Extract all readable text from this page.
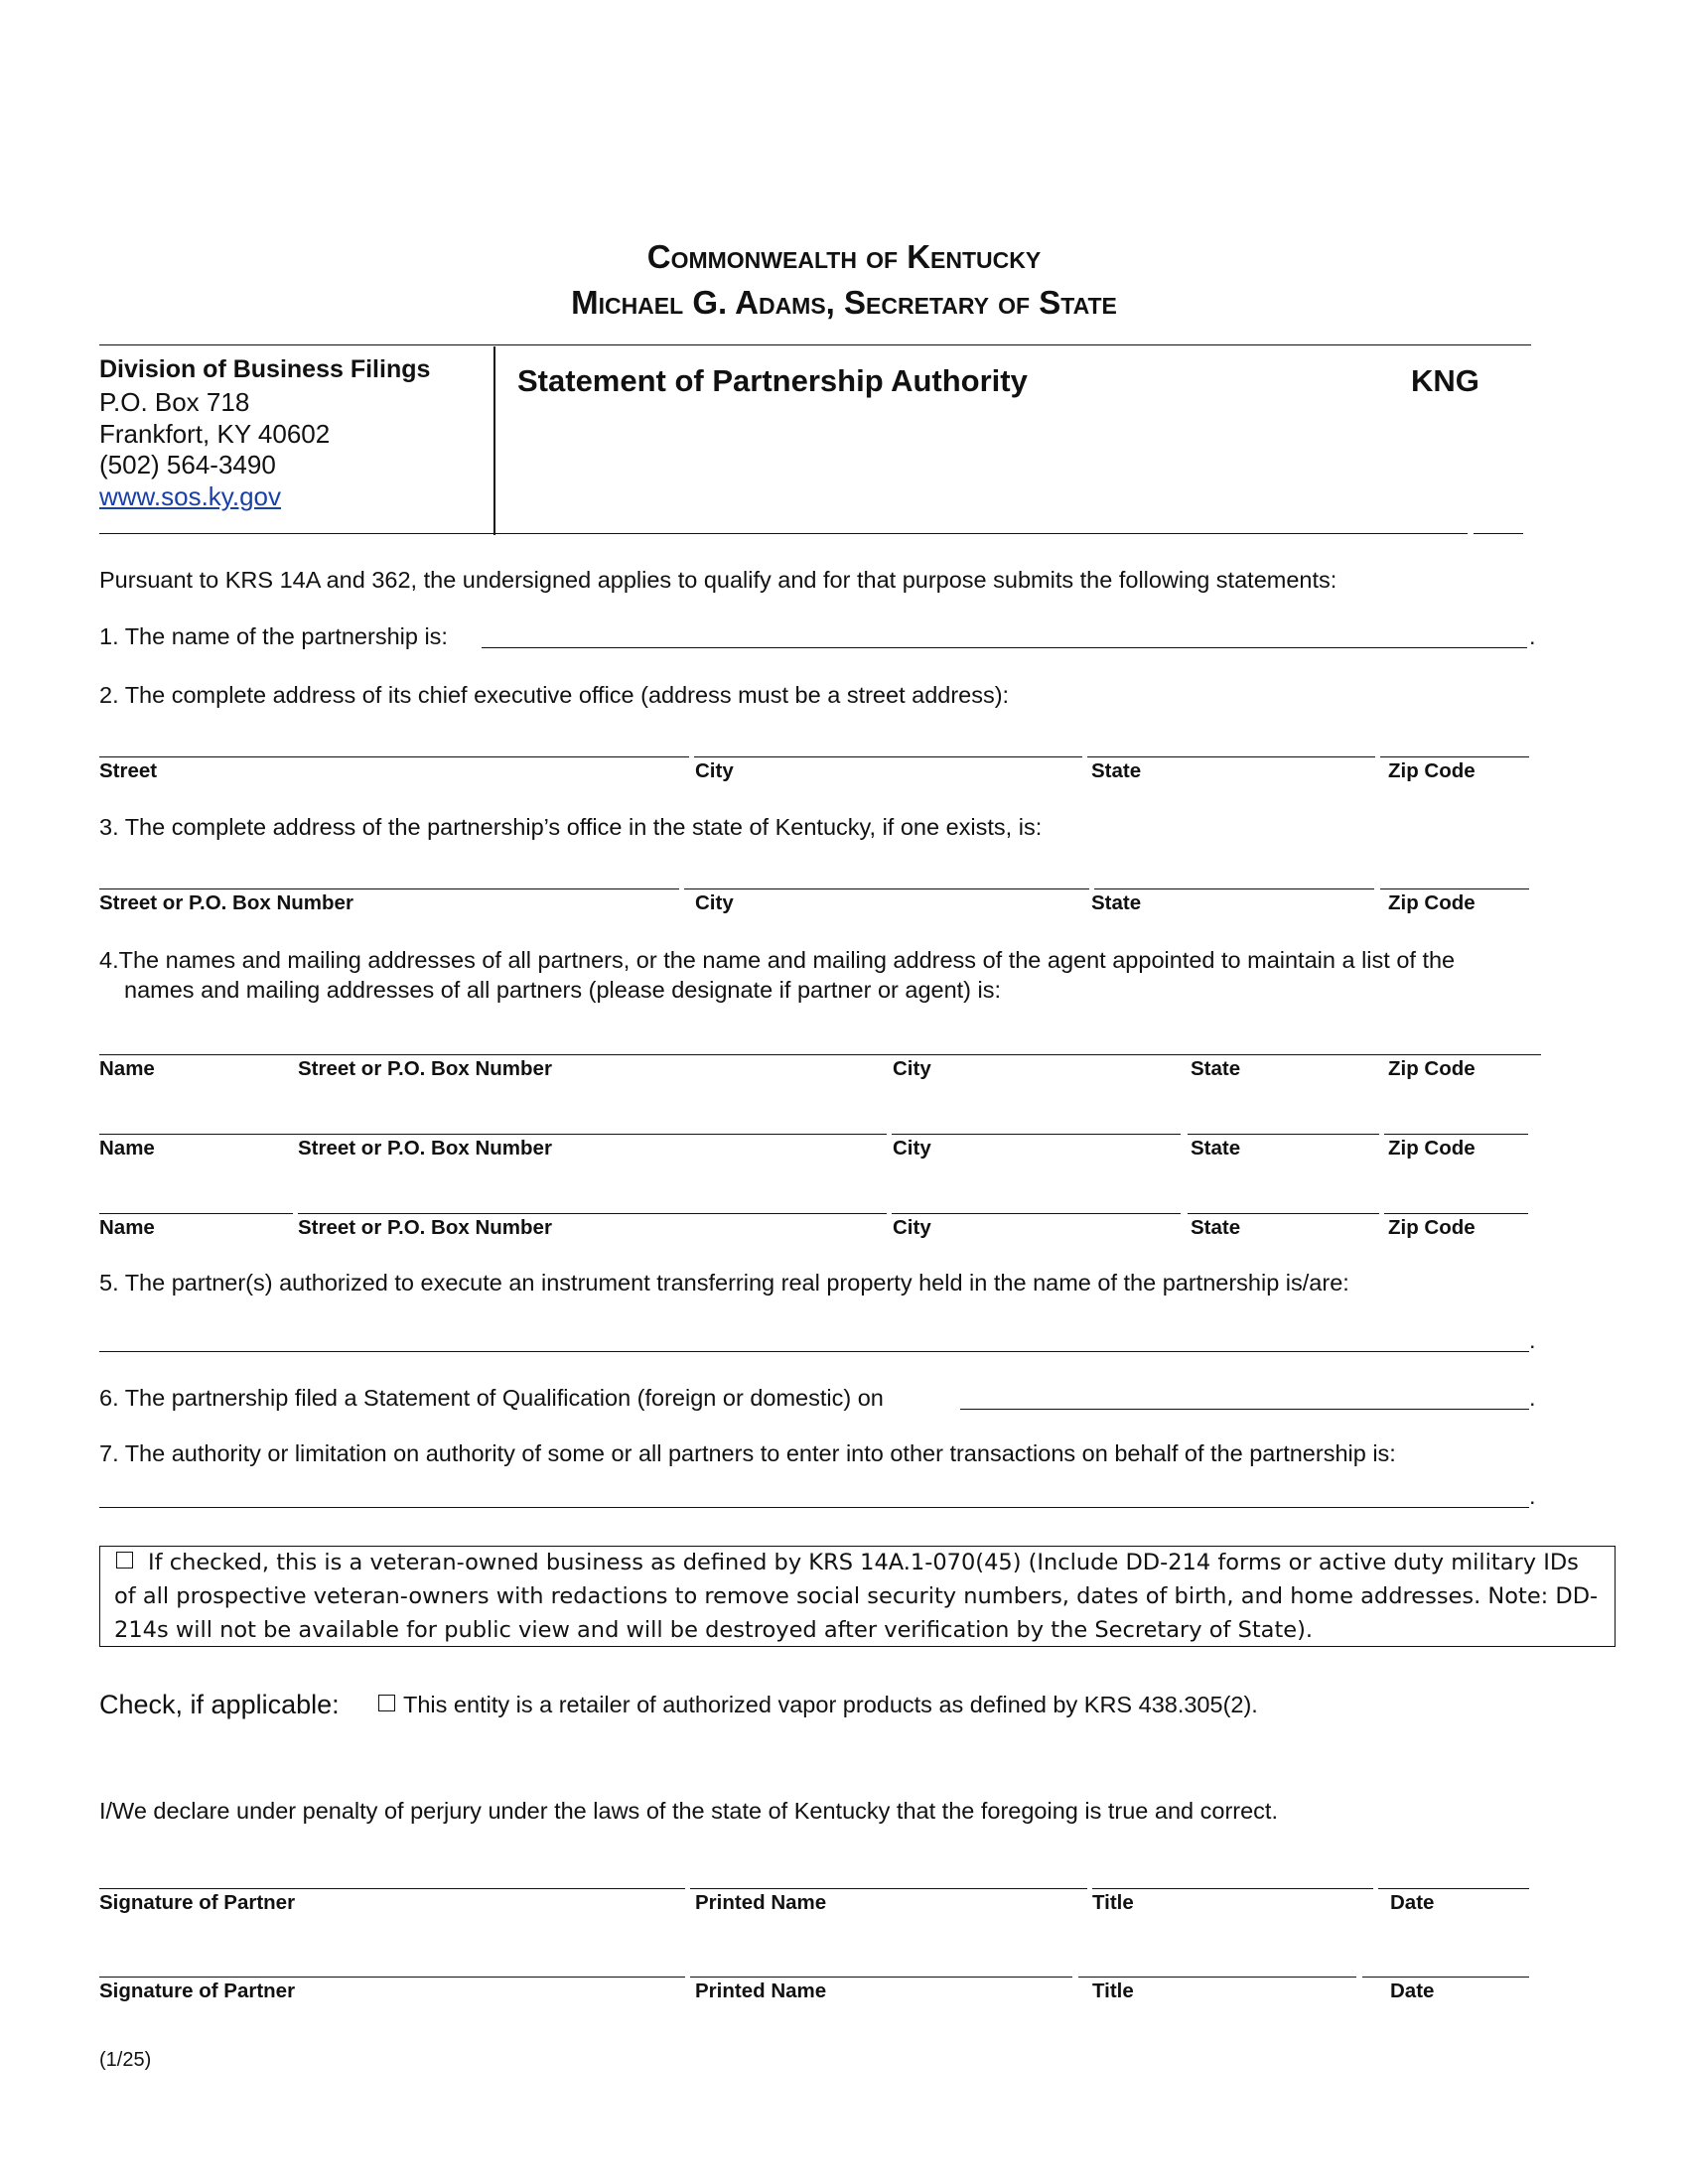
Commonwealth of Kentucky
Michael G. Adams, Secretary of State
Division of Business Filings
P.O. Box 718
Frankfort, KY 40602
(502) 564-3490
www.sos.ky.gov
Statement of Partnership Authority	KNG
Pursuant to KRS 14A and 362, the undersigned applies to qualify and for that purpose submits the following statements:
1. The name of the partnership is:	.
2. The complete address of its chief executive office (address must be a street address):
Street	City	State	Zip Code
3. The complete address of the partnership’s office in the state of Kentucky, if one exists, is:
Street or P.O. Box Number	City	State	Zip Code
4.The names and mailing addresses of all partners, or the name and mailing address of the agent appointed to maintain a list of the
names and mailing addresses of all partners (please designate if partner or agent) is:
Name	Street or P.O. Box Number	City	State	Zip Code
Name	Street or P.O. Box Number	City	State	Zip Code
Name	Street or P.O. Box Number	City	State	Zip Code
5. The partner(s) authorized to execute an instrument transferring real property held in the name of the partnership is/are:
.
6. The partnership filed a Statement of Qualification (foreign or domestic) on	.
7. The authority or limitation on authority of some or all partners to enter into other transactions on behalf of the partnership is:
.
If checked, this is a veteran-owned business as defined by KRS 14A.1-070(45) (Include DD-214 forms or active duty military IDs
of all prospective veteran-owners with redactions to remove social security numbers, dates of birth, and home addresses. Note: DD-
214s will not be available for public view and will be destroyed after verification by the Secretary of State).
Check, if applicable:	This entity is a retailer of authorized vapor products as defined by KRS 438.305(2).
I/We declare under penalty of perjury under the laws of the state of Kentucky that the foregoing is true and correct.
Signature of Partner	Printed Name	Title	Date
Signature of Partner	Printed Name	Title	Date
(1/25)
